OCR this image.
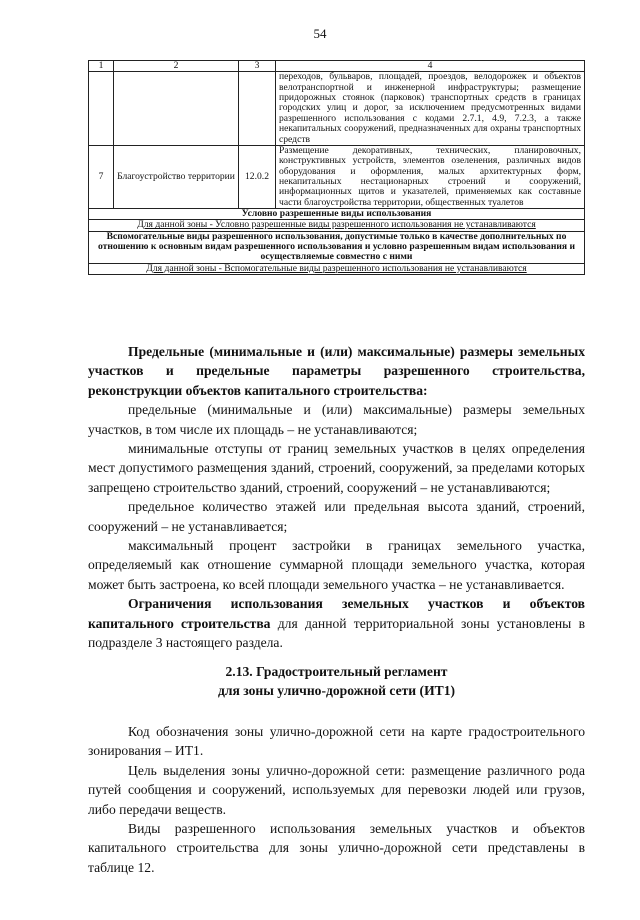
54
1	2	3	4
			переходов, бульваров, площадей, проездов, велодорожек и объектов велотранспортной и инженерной инфраструктуры; размещение придорожных стоянок (парковок) транспортных средств в границах городских улиц и дорог, за исключением предусмотренных видами разрешенного использования с кодами 2.7.1, 4.9, 7.2.3, а также некапитальных сооружений, предназначенных для охраны транспортных средств
7	Благоустройство территории	12.0.2	Размещение декоративных, технических, планировочных, конструктивных устройств, элементов озеленения, различных видов оборудования и оформления, малых архитектурных форм, некапитальных нестационарных строений и сооружений, информационных щитов и указателей, применяемых как составные части благоустройства территории, общественных туалетов
Условно разрешенные виды использования			
Для данной зоны - Условно разрешенные виды разрешенного использования не устанавливаются			
Вспомогательные виды разрешенного использования, допустимые только в качестве дополнительных по отношению к основным видам разрешенного использования и условно разрешенным видам использования и осуществляемые совместно с ними			
Для данной зоны - Вспомогательные виды разрешенного использования не устанавливаются			

Предельные (минимальные и (или) максимальные) размеры земельных участков и предельные параметры разрешенного строительства, реконструкции объектов капитального строительства:

предельные (минимальные и (или) максимальные) размеры земельных участков, в том числе их площадь – не устанавливаются;

минимальные отступы от границ земельных участков в целях определения мест допустимого размещения зданий, строений, сооружений, за пределами которых запрещено строительство зданий, строений, сооружений – не устанавливаются;

предельное количество этажей или предельная высота зданий, строений, сооружений – не устанавливается;

максимальный процент застройки в границах земельного участка, определяемый как отношение суммарной площади земельного участка, которая может быть застроена, ко всей площади земельного участка – не устанавливается.

Ограничения использования земельных участков и объектов капитального строительства для данной территориальной зоны установлены в подразделе 3 настоящего раздела.

2.13. Градостроительный регламент
для зоны улично-дорожной сети (ИТ1)

Код обозначения зоны улично-дорожной сети на карте градостроительного зонирования – ИТ1.

Цель выделения зоны улично-дорожной сети: размещение различного рода путей сообщения и сооружений, используемых для перевозки людей или грузов, либо передачи веществ.

Виды разрешенного использования земельных участков и объектов капитального строительства для зоны улично-дорожной сети представлены в таблице 12.
